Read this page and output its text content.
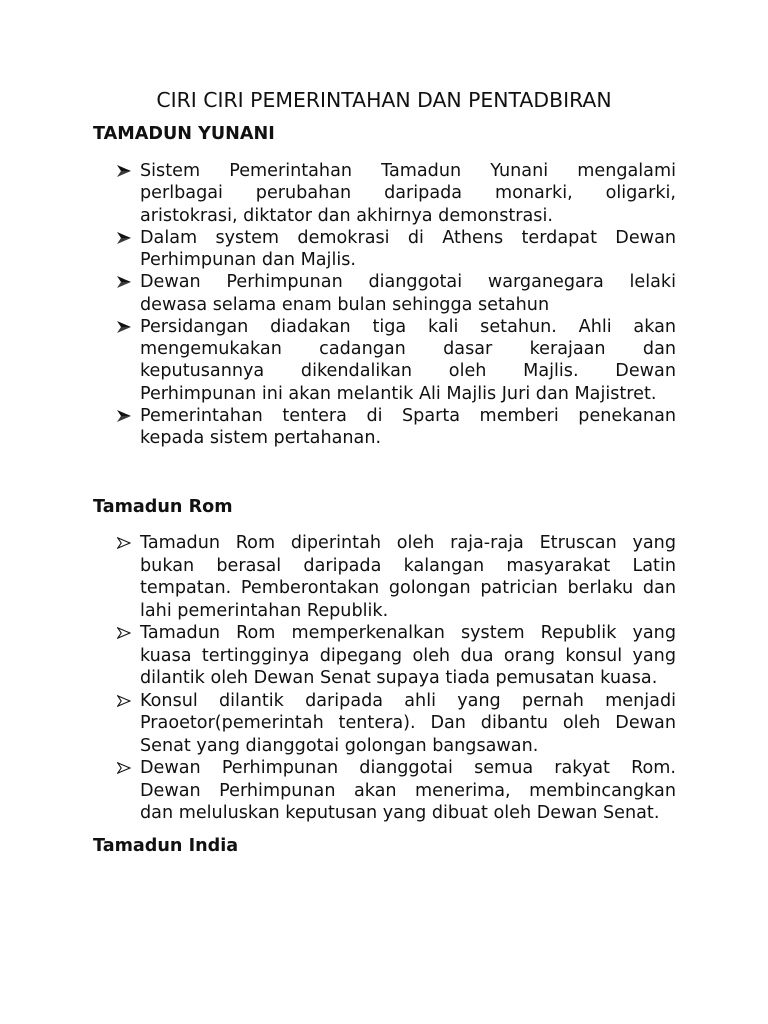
CIRI CIRI PEMERINTAHAN DAN PENTADBIRAN
TAMADUN YUNANI
Sistem Pemerintahan Tamadun Yunani mengalami
perlbagai perubahan daripada monarki, oligarki,
aristokrasi, diktator dan akhirnya demonstrasi.
Dalam system demokrasi di Athens terdapat Dewan
Perhimpunan dan Majlis.
Dewan Perhimpunan dianggotai warganegara lelaki
dewasa selama enam bulan sehingga setahun
Persidangan diadakan tiga kali setahun. Ahli akan
mengemukakan cadangan dasar kerajaan dan
keputusannya dikendalikan oleh Majlis. Dewan
Perhimpunan ini akan melantik Ali Majlis Juri dan Majistret.
Pemerintahan tentera di Sparta memberi penekanan
kepada sistem pertahanan.
Tamadun Rom
Tamadun Rom diperintah oleh raja-raja Etruscan yang
bukan berasal daripada kalangan masyarakat Latin
tempatan. Pemberontakan golongan patrician berlaku dan
lahi pemerintahan Republik.
Tamadun Rom memperkenalkan system Republik yang
kuasa tertingginya dipegang oleh dua orang konsul yang
dilantik oleh Dewan Senat supaya tiada pemusatan kuasa.
Konsul dilantik daripada ahli yang pernah menjadi
Praoetor(pemerintah tentera). Dan dibantu oleh Dewan
Senat yang dianggotai golongan bangsawan.
Dewan Perhimpunan dianggotai semua rakyat Rom.
Dewan Perhimpunan akan menerima, membincangkan
dan meluluskan keputusan yang dibuat oleh Dewan Senat.
Tamadun India
